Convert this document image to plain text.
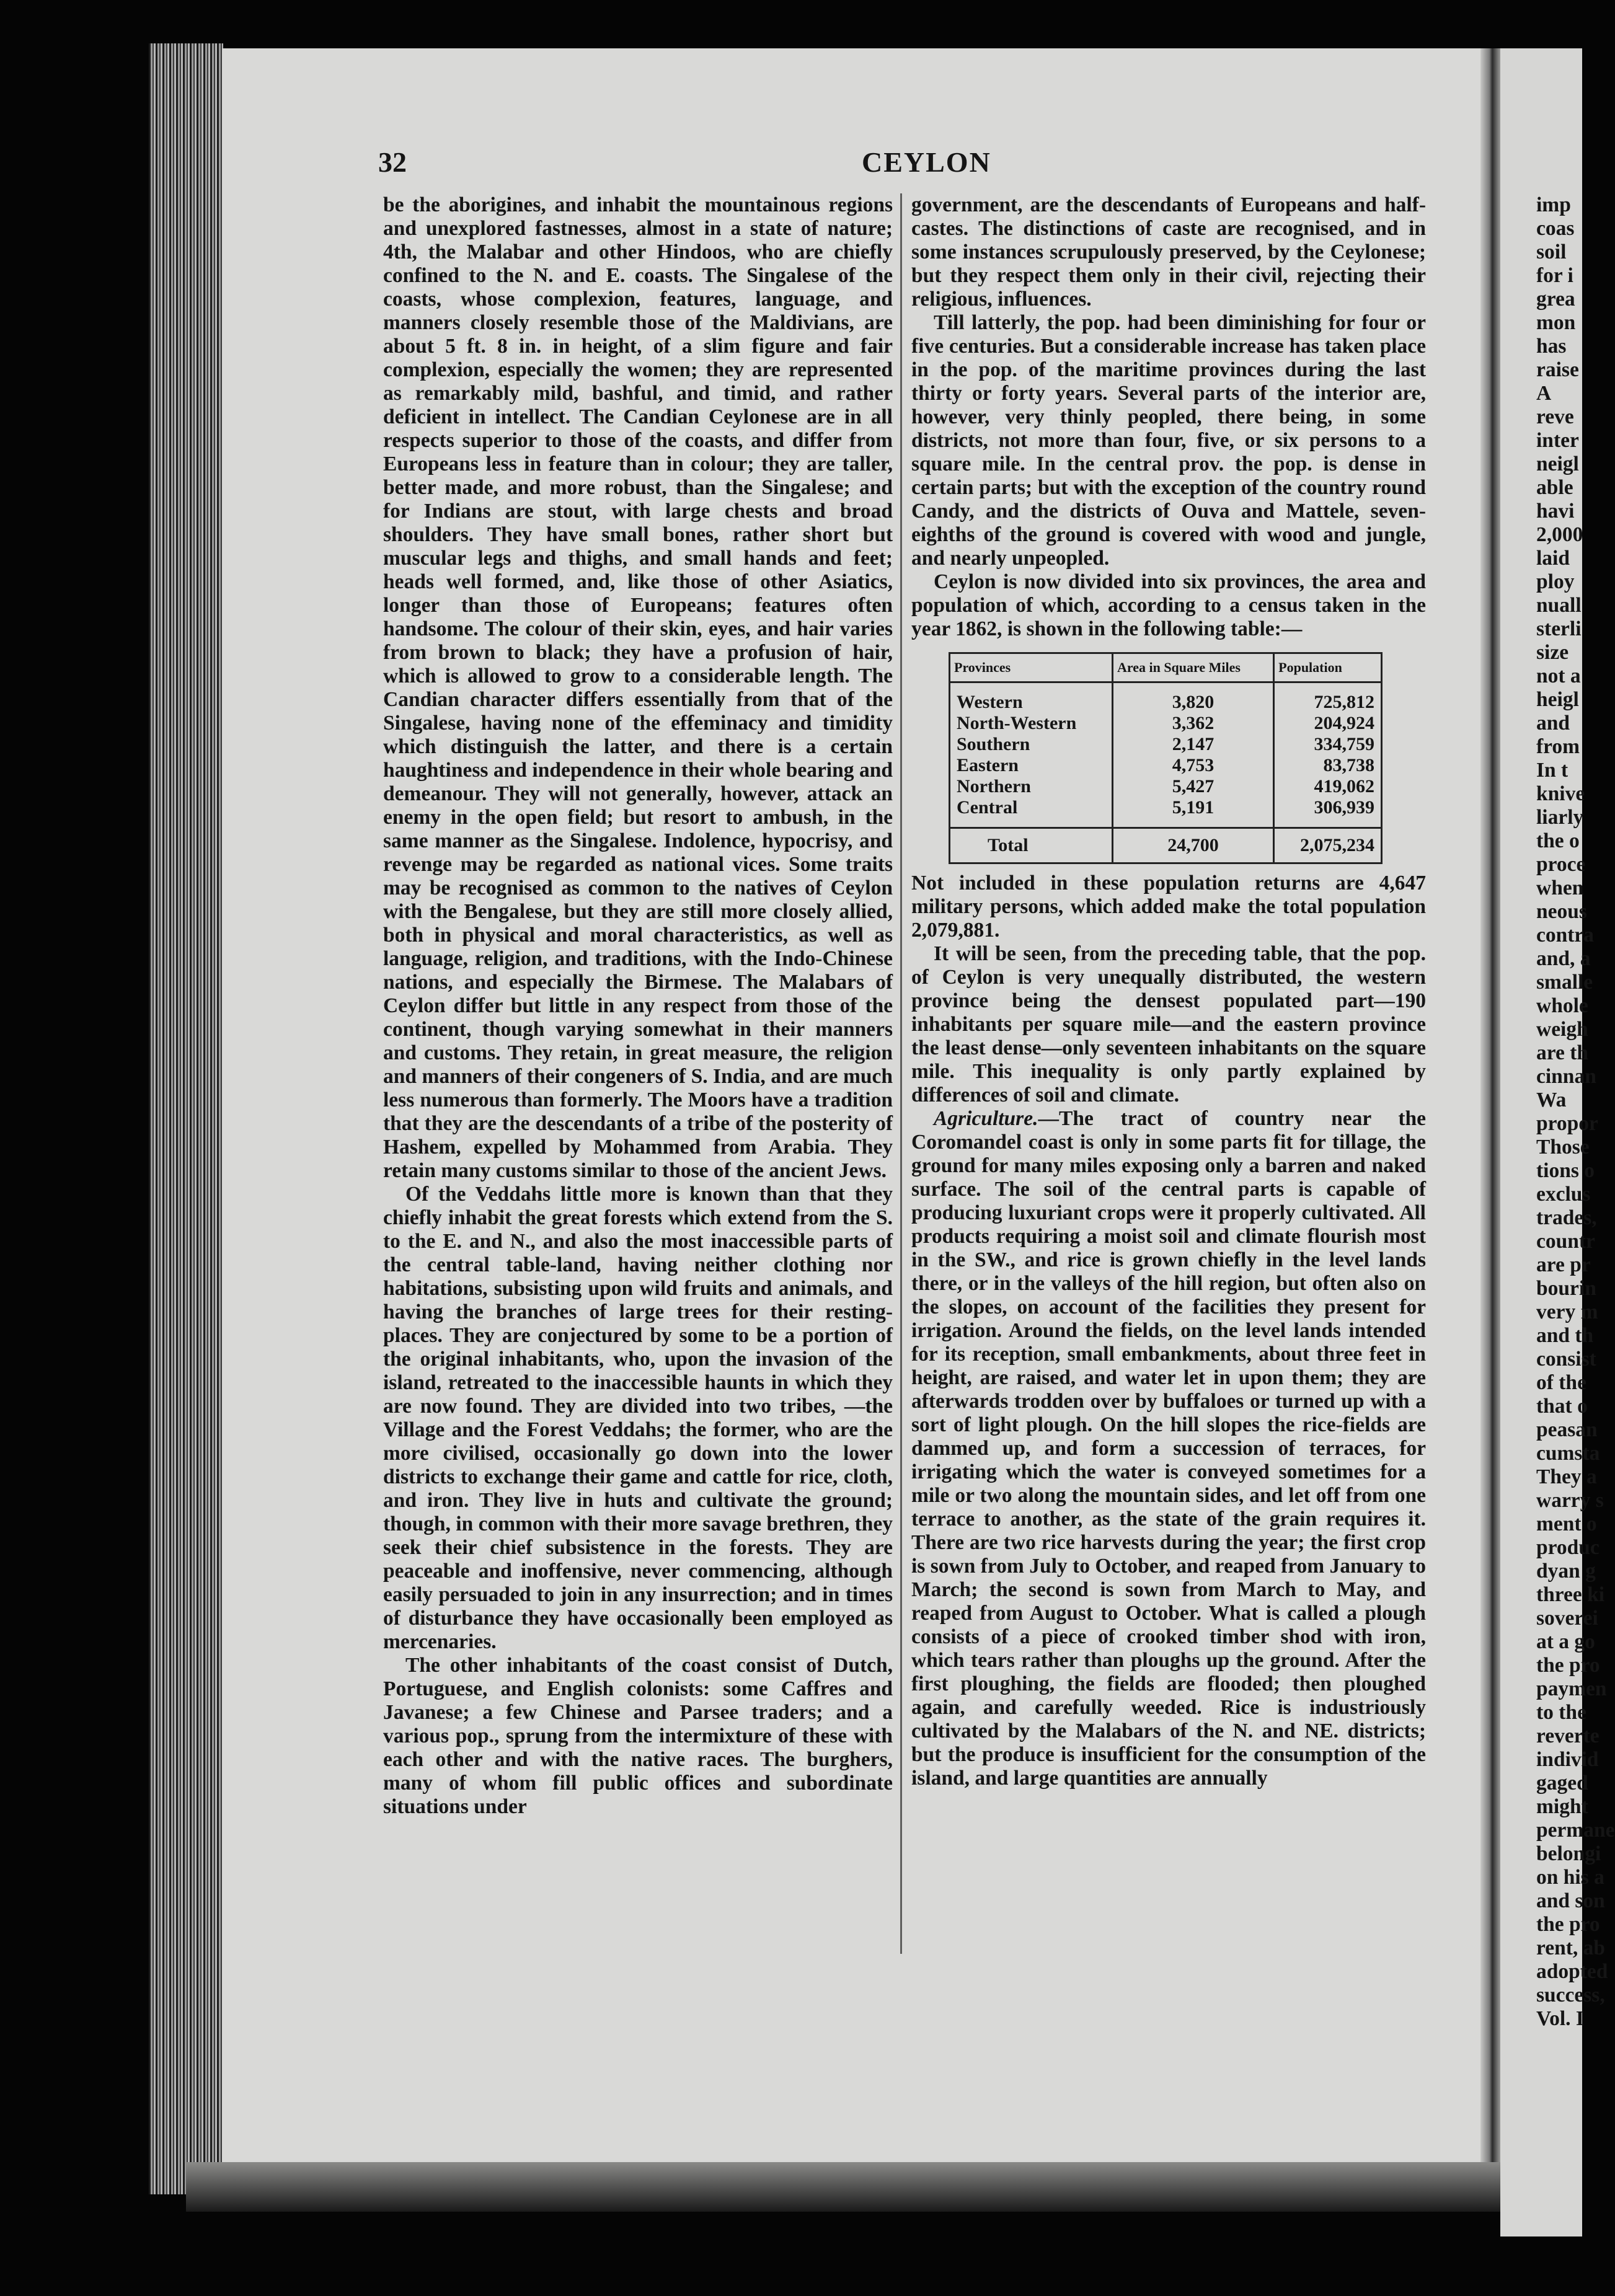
32	CEYLON

be the aborigines, and inhabit the mountainous regions and unexplored fastnesses, almost in a state of nature; 4th, the Malabar and other Hindoos, who are chiefly confined to the N. and E. coasts. The Singalese of the coasts, whose complexion, features, language, and manners closely resemble those of the Maldivians, are about 5 ft. 8 in. in height, of a slim figure and fair complexion, especially the women; they are represented as remarkably mild, bashful, and timid, and rather deficient in intellect. The Candian Ceylonese are in all respects superior to those of the coasts, and differ from Europeans less in feature than in colour; they are taller, better made, and more robust, than the Singalese; and for Indians are stout, with large chests and broad shoulders. They have small bones, rather short but muscular legs and thighs, and small hands and feet; heads well formed, and, like those of other Asiatics, longer than those of Europeans; features often handsome. The colour of their skin, eyes, and hair varies from brown to black; they have a profusion of hair, which is allowed to grow to a considerable length. The Candian character differs essentially from that of the Singalese, having none of the effeminacy and timidity which distinguish the latter, and there is a certain haughtiness and independence in their whole bearing and demeanour. They will not generally, however, attack an enemy in the open field; but resort to ambush, in the same manner as the Singalese. Indolence, hypocrisy, and revenge may be regarded as national vices. Some traits may be recognised as common to the natives of Ceylon with the Bengalese, but they are still more closely allied, both in physical and moral characteristics, as well as language, religion, and traditions, with the Indo-Chinese nations, and especially the Birmese. The Malabars of Ceylon differ but little in any respect from those of the continent, though varying somewhat in their manners and customs. They retain, in great measure, the religion and manners of their congeners of S. India, and are much less numerous than formerly. The Moors have a tradition that they are the descendants of a tribe of the posterity of Hashem, expelled by Mohammed from Arabia. They retain many customs similar to those of the ancient Jews.

Of the Veddahs little more is known than that they chiefly inhabit the great forests which extend from the S. to the E. and N., and also the most inaccessible parts of the central table-land, having neither clothing nor habitations, subsisting upon wild fruits and animals, and having the branches of large trees for their resting-places. They are conjectured by some to be a portion of the original inhabitants, who, upon the invasion of the island, retreated to the inaccessible haunts in which they are now found. They are divided into two tribes, —the Village and the Forest Veddahs; the former, who are the more civilised, occasionally go down into the lower districts to exchange their game and cattle for rice, cloth, and iron. They live in huts and cultivate the ground; though, in common with their more savage brethren, they seek their chief subsistence in the forests. They are peaceable and inoffensive, never commencing, although easily persuaded to join in any insurrection; and in times of disturbance they have occasionally been employed as mercenaries.

The other inhabitants of the coast consist of Dutch, Portuguese, and English colonists: some Caffres and Javanese; a few Chinese and Parsee traders; and a various pop., sprung from the intermixture of these with each other and with the native races. The burghers, many of whom fill public offices and subordinate situations under

government, are the descendants of Europeans and half-castes. The distinctions of caste are recognised, and in some instances scrupulously preserved, by the Ceylonese; but they respect them only in their civil, rejecting their religious, influences.

Till latterly, the pop. had been diminishing for four or five centuries. But a considerable increase has taken place in the pop. of the maritime provinces during the last thirty or forty years. Several parts of the interior are, however, very thinly peopled, there being, in some districts, not more than four, five, or six persons to a square mile. In the central prov. the pop. is dense in certain parts; but with the exception of the country round Candy, and the districts of Ouva and Mattele, seven-eighths of the ground is covered with wood and jungle, and nearly unpeopled.

Ceylon is now divided into six provinces, the area and population of which, according to a census taken in the year 1862, is shown in the following table:—

Provinces	Area in Square Miles	Population
Western	3,820	725,812
North-Western	3,362	204,924
Southern	2,147	334,759
Eastern	4,753	83,738
Northern	5,427	419,062
Central	5,191	306,939
Total	24,700	2,075,234

Not included in these population returns are 4,647 military persons, which added make the total population 2,079,881.

It will be seen, from the preceding table, that the pop. of Ceylon is very unequally distributed, the western province being the densest populated part—190 inhabitants per square mile—and the eastern province the least dense—only seventeen inhabitants on the square mile. This inequality is only partly explained by differences of soil and climate.

Agriculture.—The tract of country near the Coromandel coast is only in some parts fit for tillage, the ground for many miles exposing only a barren and naked surface. The soil of the central parts is capable of producing luxuriant crops were it properly cultivated. All products requiring a moist soil and climate flourish most in the SW., and rice is grown chiefly in the level lands there, or in the valleys of the hill region, but often also on the slopes, on account of the facilities they present for irrigation. Around the fields, on the level lands intended for its reception, small embankments, about three feet in height, are raised, and water let in upon them; they are afterwards trodden over by buffaloes or turned up with a sort of light plough. On the hill slopes the rice-fields are dammed up, and form a succession of terraces, for irrigating which the water is conveyed sometimes for a mile or two along the mountain sides, and let off from one terrace to another, as the state of the grain requires it. There are two rice harvests during the year; the first crop is sown from July to October, and reaped from January to March; the second is sown from March to May, and reaped from August to October. What is called a plough consists of a piece of crooked timber shod with iron, which tears rather than ploughs up the ground. After the first ploughing, the fields are flooded; then ploughed again, and carefully weeded. Rice is industriously cultivated by the Malabars of the N. and NE. districts; but the produce is insufficient for the consumption of the island, and large quantities are annually

imp
coas
soil
for i
grea
mon
has
raise
A
reve
inter
neigl
able
havi
2,000
laid
ploy
nuall
sterli
size
not a
heigl
and
from
In t
knive
liarly
the o
proce
when
neous
contra
and, a
smalle
whole
weigh
are th
cinnan
Wa
propor
Those
tions o
exclus
trades,
countr
are pr
bourin
very m
and th
consist
of the
that o
peasan
cumsta
They a
warry s
ment o
produc
dyan g
three ki
soverei
at a go
the pro
paymen
to the
reverte
individ
gaged
might
permane
belongi
on his a
and son
the pro
rent, ab
adopted
success,
Vol. I
